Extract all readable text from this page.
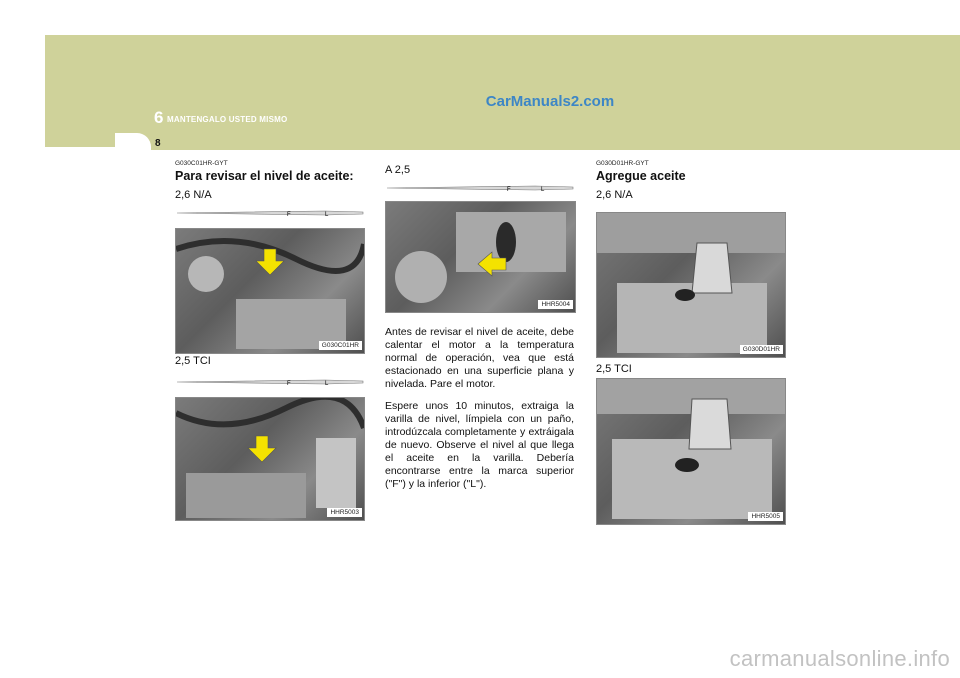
6 MANTENGALO USTED MISMO
8
CarManuals2.com
G030C01HR-GYT
Para revisar el nivel de aceite:
2,6 N/A
F	L
G030C01HR
2,5 TCI
F	L
HHR5003
A 2,5
F	L
HHR5004

Antes de revisar el nivel de aceite, debe calentar el motor a la temperatura normal de operación, vea que está estacionado en una superficie plana y nivelada. Pare el motor.

Espere unos 10 minutos, extraiga la varilla de nivel, límpiela con un paño, introdúzcala completamente y extráigala de nuevo. Observe el nivel al que llega el aceite en la varilla. Debería encontrarse entre la marca superior ("F") y la inferior ("L").

G030D01HR-GYT
Agregue aceite
2,6 N/A
G030D01HR
2,5 TCI
HHR5005
carmanualsonline.info
